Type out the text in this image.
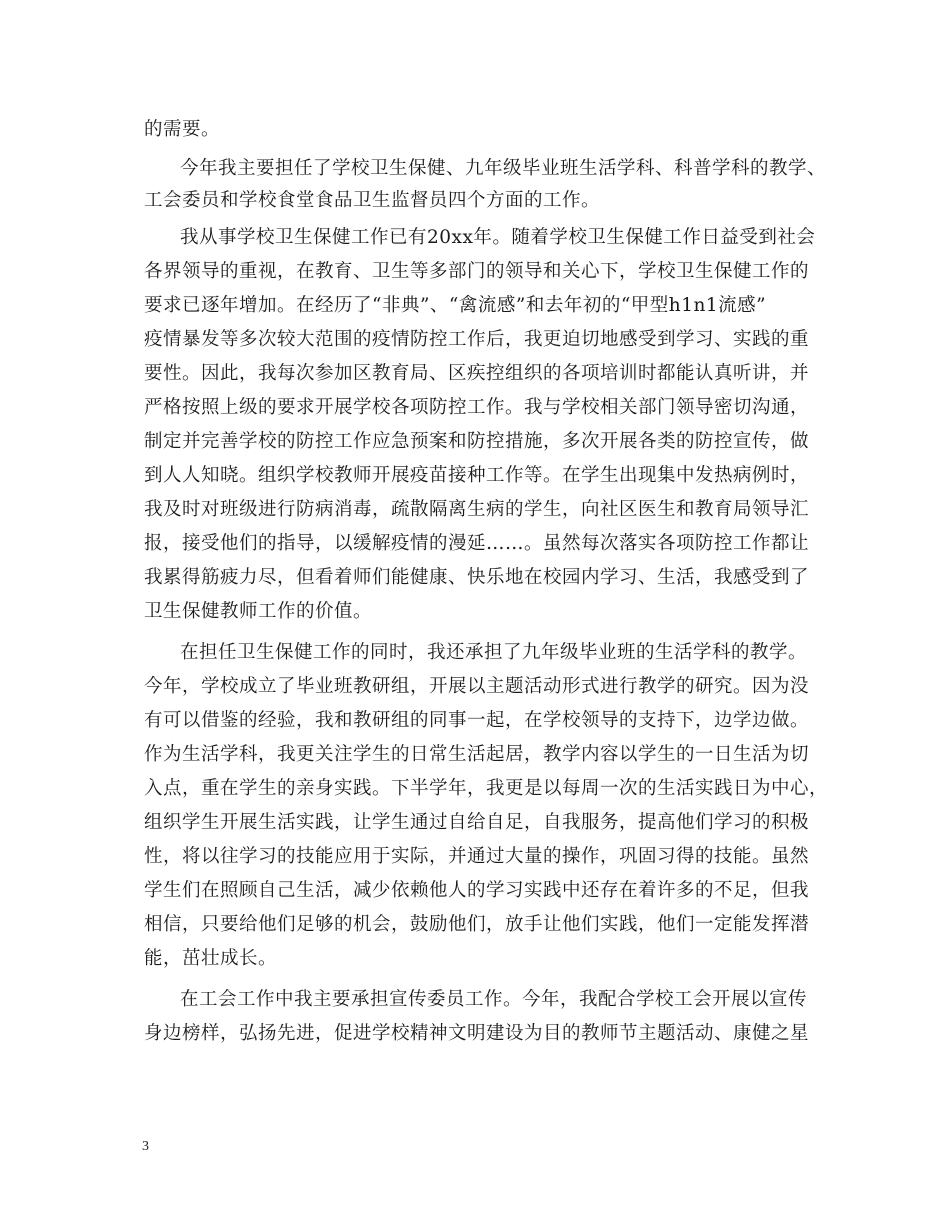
的需要。
今年我主要担任了学校卫生保健、九年级毕业班生活学科、科普学科的教学、
工会委员和学校食堂食品卫生监督员四个方面的工作。
我从事学校卫生保健工作已有20xx年。随着学校卫生保健工作日益受到社会
各界领导的重视，在教育、卫生等多部门的领导和关心下，学校卫生保健工作的
要求已逐年增加。在经历了“非典”、“禽流感”和去年初的“甲型h1n1流感”
疫情暴发等多次较大范围的疫情防控工作后，我更迫切地感受到学习、实践的重
要性。因此，我每次参加区教育局、区疾控组织的各项培训时都能认真听讲，并
严格按照上级的要求开展学校各项防控工作。我与学校相关部门领导密切沟通，
制定并完善学校的防控工作应急预案和防控措施，多次开展各类的防控宣传，做
到人人知晓。组织学校教师开展疫苗接种工作等。在学生出现集中发热病例时，
我及时对班级进行防病消毒，疏散隔离生病的学生，向社区医生和教育局领导汇
报，接受他们的指导，以缓解疫情的漫延……。虽然每次落实各项防控工作都让
我累得筋疲力尽，但看着师们能健康、快乐地在校园内学习、生活，我感受到了
卫生保健教师工作的价值。
在担任卫生保健工作的同时，我还承担了九年级毕业班的生活学科的教学。
今年，学校成立了毕业班教研组，开展以主题活动形式进行教学的研究。因为没
有可以借鉴的经验，我和教研组的同事一起，在学校领导的支持下，边学边做。
作为生活学科，我更关注学生的日常生活起居，教学内容以学生的一日生活为切
入点，重在学生的亲身实践。下半学年，我更是以每周一次的生活实践日为中心，
组织学生开展生活实践，让学生通过自给自足，自我服务，提高他们学习的积极
性，将以往学习的技能应用于实际，并通过大量的操作，巩固习得的技能。虽然
学生们在照顾自己生活，减少依赖他人的学习实践中还存在着许多的不足，但我
相信，只要给他们足够的机会，鼓励他们，放手让他们实践，他们一定能发挥潜
能，茁壮成长。
在工会工作中我主要承担宣传委员工作。今年，我配合学校工会开展以宣传
身边榜样，弘扬先进，促进学校精神文明建设为目的教师节主题活动、康健之星
3
